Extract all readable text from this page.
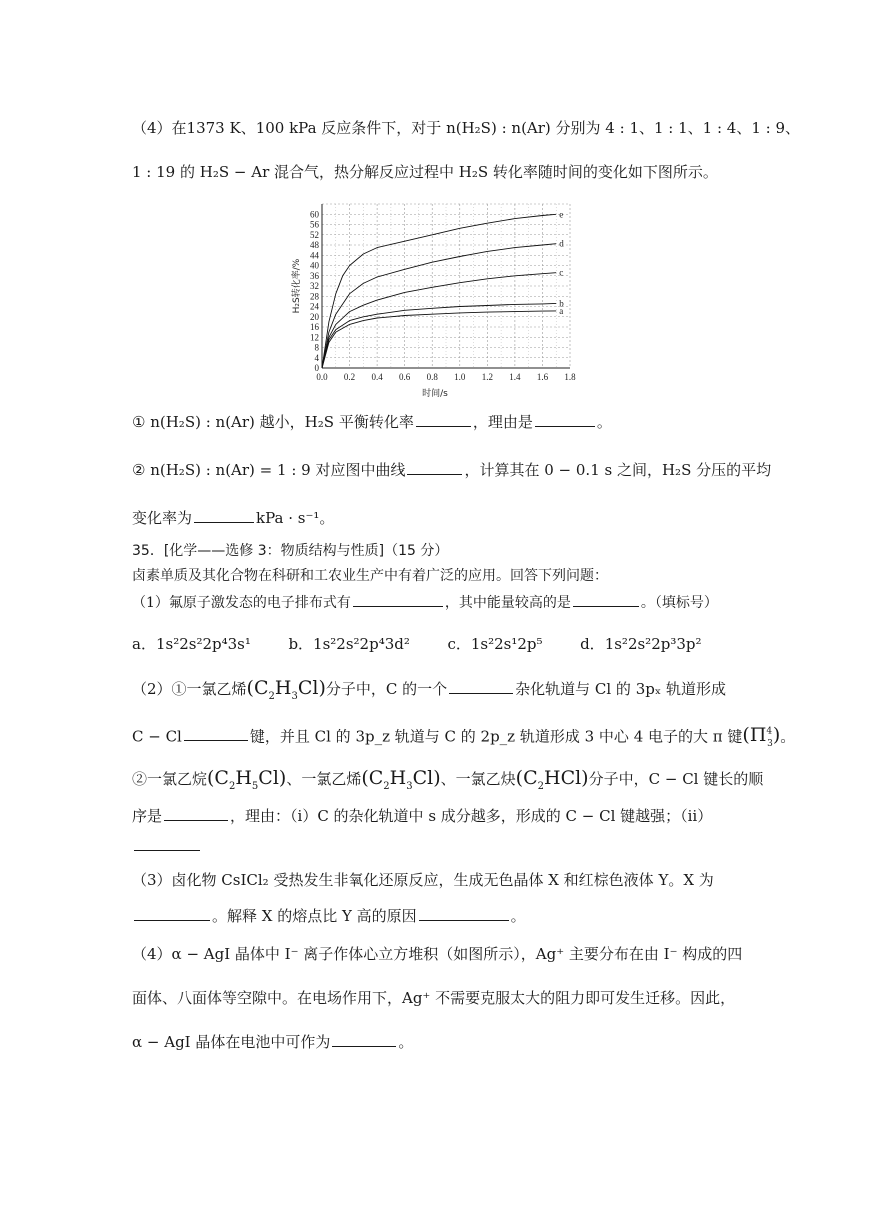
（4）在1373 K、100 kPa 反应条件下，对于 n(H₂S) : n(Ar) 分别为 4 : 1、1 : 1、1 : 4、1 : 9、
1 : 19 的 H₂S − Ar 混合气，热分解反应过程中 H₂S 转化率随时间的变化如下图所示。
0.0 0.2 0.4 0.6 0.8 1.0 1.2 1.4 1.6 1.8
0
4
8
12
16
20
24
28
32
36
40
44
48
52
56
60
a
b
c
d
e
时间/s
H₂S转化率/%
① n(H₂S) : n(Ar) 越小，H₂S 平衡转化率	，理由是	。
② n(H₂S) : n(Ar) = 1 : 9 对应图中曲线	，计算其在 0 − 0.1 s 之间，H₂S 分压的平均
变化率为	kPa · s⁻¹。
35．[化学——选修 3：物质结构与性质]（15 分）
卤素单质及其化合物在科研和工农业生产中有着广泛的应用。回答下列问题：
（1）氟原子激发态的电子排布式有	，其中能量较高的是	。（填标号）
a．1s²2s²2p⁴3s¹	b．1s²2s²2p⁴3d²	c．1s²2s¹2p⁵	d．1s²2s²2p³3p²
（2）①一氯乙烯$(C_2H_3Cl)$分子中，C 的一个	杂化轨道与 Cl 的 3pₓ 轨道形成
C − Cl	键，并且 Cl 的 3p_z 轨道与 C 的 2p_z 轨道形成 3 中心 4 电子的大 π 键$(\Pi^4_3)$。
②一氯乙烷$(C_2H_5Cl)$、一氯乙烯$(C_2H_3Cl)$、一氯乙炔$(C_2HCl)$分子中，C − Cl 键长的顺
序是	，理由：（ⅰ）C 的杂化轨道中 s 成分越多，形成的 C − Cl 键越强；（ⅱ）
（3）卤化物 CsICl₂ 受热发生非氧化还原反应，生成无色晶体 X 和红棕色液体 Y。X 为
。解释 X 的熔点比 Y 高的原因	。
（4）α − AgI 晶体中 I⁻ 离子作体心立方堆积（如图所示），Ag⁺ 主要分布在由 I⁻ 构成的四
面体、八面体等空隙中。在电场作用下，Ag⁺ 不需要克服太大的阻力即可发生迁移。因此，
α − AgI 晶体在电池中可作为	。
